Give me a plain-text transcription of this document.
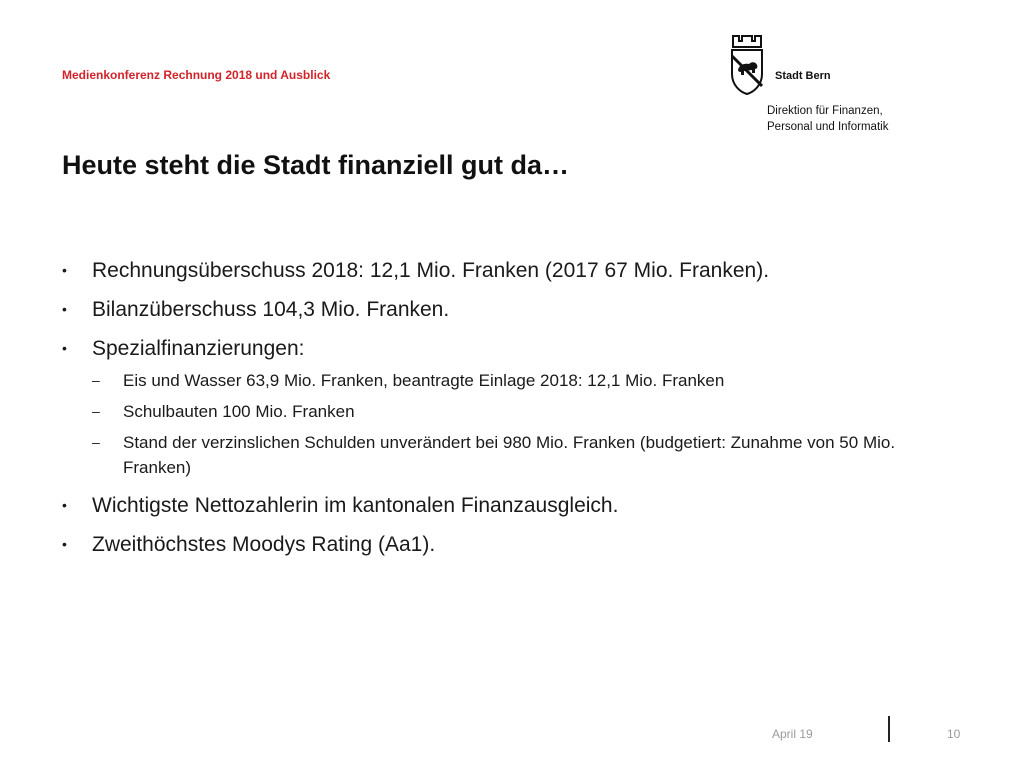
Medienkonferenz Rechnung 2018 und Ausblick	Stadt Bern
Direktion für Finanzen,
Personal und Informatik
Heute steht die Stadt finanziell gut da…
• Rechnungsüberschuss 2018: 12,1 Mio. Franken (2017 67 Mio. Franken).
• Bilanzüberschuss 104,3 Mio. Franken.
• Spezialfinanzierungen:
– Eis und Wasser 63,9 Mio. Franken, beantragte Einlage 2018: 12,1 Mio. Franken
– Schulbauten 100 Mio. Franken
– Stand der verzinslichen Schulden unverändert bei 980 Mio. Franken (budgetiert: Zunahme von 50 Mio. Franken)
• Wichtigste Nettozahlerin im kantonalen Finanzausgleich.
• Zweithöchstes Moodys Rating (Aa1).
April 19	10
